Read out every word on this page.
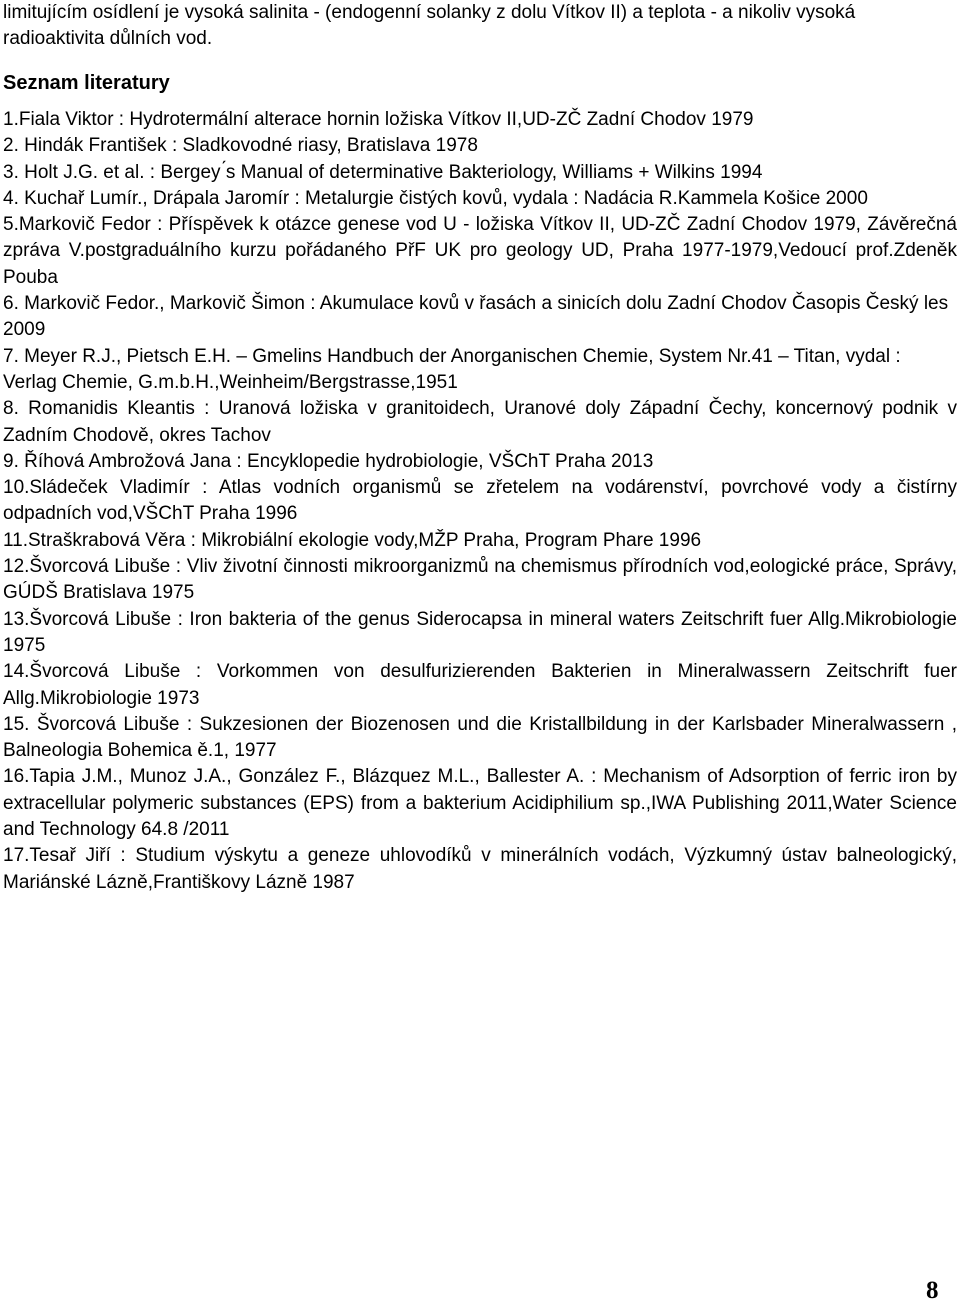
limitujícím osídlení je vysoká salinita - (endogenní solanky z dolu Vítkov II) a teplota - a nikoliv vysoká radioaktivita důlních vod.

Seznam literatury
1.Fiala Viktor : Hydrotermální alterace hornin ložiska Vítkov II,UD-ZČ Zadní Chodov 1979
2. Hindák František : Sladkovodné riasy, Bratislava 1978
3. Holt J.G. et al. : Bergey ́s Manual of determinative Bakteriology, Williams + Wilkins 1994
4. Kuchař Lumír., Drápala Jaromír : Metalurgie čistých kovů, vydala : Nadácia R.Kammela Košice 2000
5.Markovič Fedor : Příspěvek k otázce genese vod U - ložiska Vítkov II, UD-ZČ Zadní Chodov 1979, Závěrečná zpráva V.postgraduálního kurzu pořádaného PřF UK pro geology UD, Praha 1977-1979,Vedoucí prof.Zdeněk Pouba
6. Markovič Fedor., Markovič Šimon : Akumulace kovů v řasách a sinicích dolu Zadní Chodov Časopis Český les 2009
7. Meyer R.J., Pietsch E.H. – Gmelins Handbuch der Anorganischen Chemie, System Nr.41 – Titan, vydal : Verlag Chemie, G.m.b.H.,Weinheim/Bergstrasse,1951
8. Romanidis Kleantis : Uranová ložiska v granitoidech, Uranové doly Západní Čechy, koncernový podnik v Zadním Chodově, okres Tachov
9. Říhová Ambrožová Jana : Encyklopedie hydrobiologie, VŠChT Praha 2013
10.Sládeček Vladimír : Atlas vodních organismů se zřetelem na vodárenství, povrchové vody a čistírny odpadních vod,VŠChT Praha 1996
11.Straškrabová Věra : Mikrobiální ekologie vody,MŽP Praha, Program Phare 1996
12.Švorcová Libuše : Vliv životní činnosti mikroorganizmů na chemismus přírodních vod,eologické práce, Správy, GÚDŠ Bratislava 1975
13.Švorcová Libuše : Iron bakteria of the genus Siderocapsa in mineral waters Zeitschrift fuer Allg.Mikrobiologie 1975
14.Švorcová Libuše : Vorkommen von desulfurizierenden Bakterien in Mineralwassern Zeitschrift fuer Allg.Mikrobiologie 1973
15. Švorcová Libuše : Sukzesionen der Biozenosen und die Kristallbildung in der Karlsbader Mineralwassern , Balneologia Bohemica ě.1, 1977
16.Tapia J.M., Munoz J.A., González F., Blázquez M.L., Ballester A. : Mechanism of Adsorption of ferric iron by extracellular polymeric substances (EPS) from a bakterium Acidiphilium sp.,IWA Publishing 2011,Water Science and Technology 64.8 /2011
17.Tesař Jiří : Studium výskytu a geneze uhlovodíků v minerálních vodách, Výzkumný ústav balneologický, Mariánské Lázně,Františkovy Lázně 1987
8
